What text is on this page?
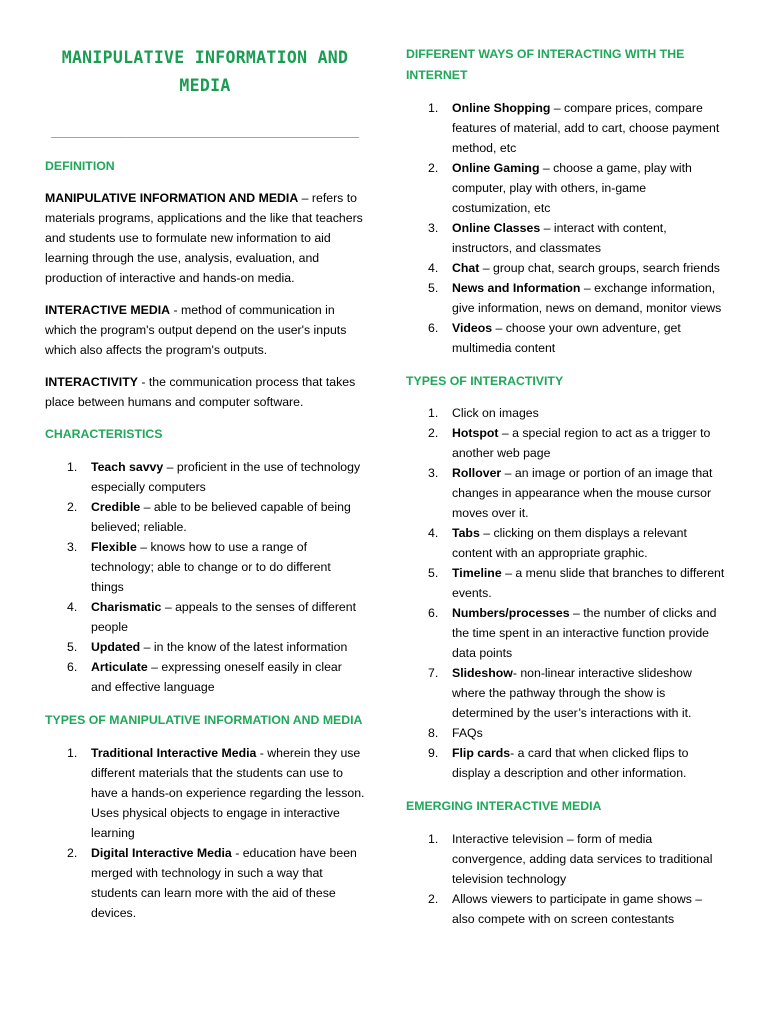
MANIPULATIVE INFORMATION AND MEDIA
________________________________
DEFINITION

MANIPULATIVE INFORMATION AND MEDIA – refers to materials programs, applications and the like that teachers and students use to formulate new information to aid learning through the use, analysis, evaluation, and production of interactive and hands-on media.

INTERACTIVE MEDIA - method of communication in which the program's output depend on the user's inputs which also affects the program's outputs.

INTERACTIVITY - the communication process that takes place between humans and computer software.

CHARACTERISTICS
1. Teach savvy – proficient in the use of technology especially computers
2. Credible – able to be believed capable of being believed; reliable.
3. Flexible – knows how to use a range of technology; able to change or to do different things
4. Charismatic – appeals to the senses of different people
5. Updated – in the know of the latest information
6. Articulate – expressing oneself easily in clear and effective language
TYPES OF MANIPULATIVE INFORMATION AND MEDIA
1. Traditional Interactive Media - wherein they use different materials that the students can use to have a hands-on experience regarding the lesson. Uses physical objects to engage in interactive learning
2. Digital Interactive Media - education have been merged with technology in such a way that students can learn more with the aid of these devices.
DIFFERENT WAYS OF INTERACTING WITH THE INTERNET
1. Online Shopping – compare prices, compare features of material, add to cart, choose payment method, etc
2. Online Gaming – choose a game, play with computer, play with others, in-game costumization, etc
3. Online Classes – interact with content, instructors, and classmates
4. Chat – group chat, search groups, search friends
5. News and Information – exchange information, give information, news on demand, monitor views
6. Videos – choose your own adventure, get multimedia content
TYPES OF INTERACTIVITY
1. Click on images
2. Hotspot – a special region to act as a trigger to another web page
3. Rollover – an image or portion of an image that changes in appearance when the mouse cursor moves over it.
4. Tabs – clicking on them displays a relevant content with an appropriate graphic.
5. Timeline – a menu slide that branches to different events.
6. Numbers/processes – the number of clicks and the time spent in an interactive function provide data points
7. Slideshow- non-linear interactive slideshow where the pathway through the show is determined by the user’s interactions with it.
8. FAQs
9. Flip cards- a card that when clicked flips to display a description and other information.
EMERGING INTERACTIVE MEDIA
1. Interactive television – form of media convergence, adding data services to traditional television technology
2. Allows viewers to participate in game shows – also compete with on screen contestants
